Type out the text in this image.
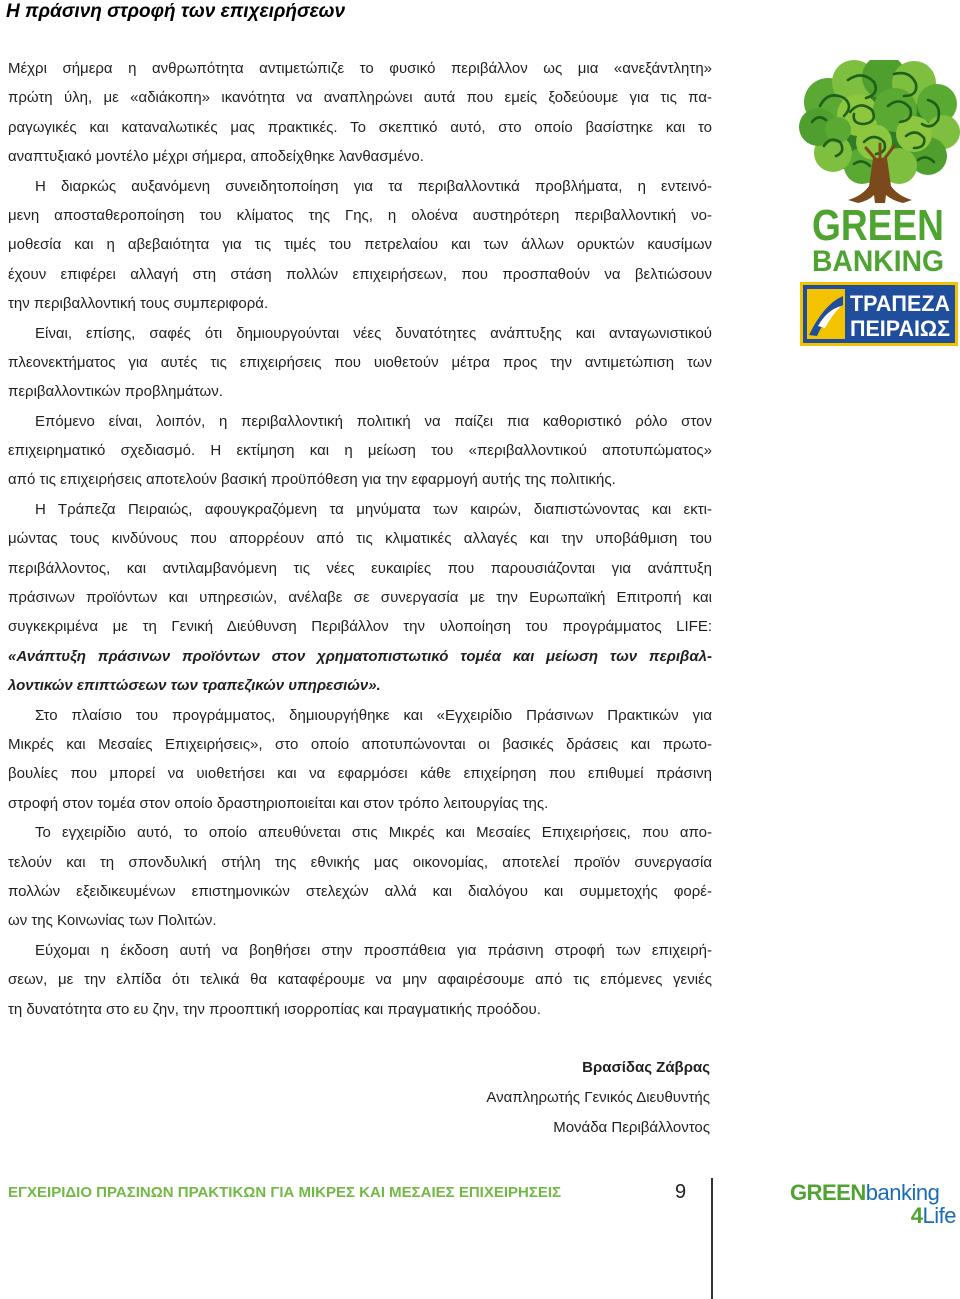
Η πράσινη στροφή των επιχειρήσεων
Μέχρι σήμερα η ανθρωπότητα αντιμετώπιζε το φυσικό περιβάλλον ως μια «ανεξάντλητη»
πρώτη ύλη, με «αδιάκοπη» ικανότητα να αναπληρώνει αυτά που εμείς ξοδεύουμε για τις πα-
ραγωγικές και καταναλωτικές μας πρακτικές. Το σκεπτικό αυτό, στο οποίο βασίστηκε και το
αναπτυξιακό μοντέλο μέχρι σήμερα, αποδείχθηκε λανθασμένο.
Η διαρκώς αυξανόμενη συνειδητοποίηση για τα περιβαλλοντικά προβλήματα, η εντεινό-
μενη αποσταθεροποίηση του κλίματος της Γης, η ολοένα αυστηρότερη περιβαλλοντική νο-
μοθεσία και η αβεβαιότητα για τις τιμές του πετρελαίου και των άλλων ορυκτών καυσίμων
έχουν επιφέρει αλλαγή στη στάση πολλών επιχειρήσεων, που προσπαθούν να βελτιώσουν
την περιβαλλοντική τους συμπεριφορά.
Είναι, επίσης, σαφές ότι δημιουργούνται νέες δυνατότητες ανάπτυξης και ανταγωνιστικού
πλεονεκτήματος για αυτές τις επιχειρήσεις που υιοθετούν μέτρα προς την αντιμετώπιση των
περιβαλλοντικών προβλημάτων.
Επόμενο είναι, λοιπόν, η περιβαλλοντική πολιτική να παίζει πια καθοριστικό ρόλο στον
επιχειρηματικό σχεδιασμό. Η εκτίμηση και η μείωση του «περιβαλλοντικού αποτυπώματος»
από τις επιχειρήσεις αποτελούν βασική προϋπόθεση για την εφαρμογή αυτής της πολιτικής.
Η Τράπεζα Πειραιώς, αφουγκραζόμενη τα μηνύματα των καιρών, διαπιστώνοντας και εκτι-
μώντας τους κινδύνους που απορρέουν από τις κλιματικές αλλαγές και την υποβάθμιση του
περιβάλλοντος, και αντιλαμβανόμενη τις νέες ευκαιρίες που παρουσιάζονται για ανάπτυξη
πράσινων προϊόντων και υπηρεσιών, ανέλαβε σε συνεργασία με την Ευρωπαϊκή Επιτροπή και
συγκεκριμένα με τη Γενική Διεύθυνση Περιβάλλον την υλοποίηση του προγράμματος LIFE:
«Ανάπτυξη πράσινων προϊόντων στον χρηματοπιστωτικό τομέα και μείωση των περιβαλ-
λοντικών επιπτώσεων των τραπεζικών υπηρεσιών».
Στο πλαίσιο του προγράμματος, δημιουργήθηκε και «Εγχειρίδιο Πράσινων Πρακτικών για
Μικρές και Μεσαίες Επιχειρήσεις», στο οποίο αποτυπώνονται οι βασικές δράσεις και πρωτο-
βουλίες που μπορεί να υιοθετήσει και να εφαρμόσει κάθε επιχείρηση που επιθυμεί πράσινη
στροφή στον τομέα στον οποίο δραστηριοποιείται και στον τρόπο λειτουργίας της.
Το εγχειρίδιο αυτό, το οποίο απευθύνεται στις Μικρές και Μεσαίες Επιχειρήσεις, που απο-
τελούν και τη σπονδυλική στήλη της εθνικής μας οικονομίας, αποτελεί προϊόν συνεργασία
πολλών εξειδικευμένων επιστημονικών στελεχών αλλά και διαλόγου και συμμετοχής φορέ-
ων της Κοινωνίας των Πολιτών.
Εύχομαι η έκδοση αυτή να βοηθήσει στην προσπάθεια για πράσινη στροφή των επιχειρή-
σεων, με την ελπίδα ότι τελικά θα καταφέρουμε να μην αφαιρέσουμε από τις επόμενες γενιές
τη δυνατότητα στο ευ ζην, την προοπτική ισορροπίας και πραγματικής προόδου.
Βρασίδας Ζάβρας
Αναπληρωτής Γενικός Διευθυντής
Μονάδα Περιβάλλοντος
GREEN
BANKING
ΤΡΑΠΕΖΑ
ΠΕΙΡΑΙΩΣ
ΕΓΧΕΙΡΙΔΙΟ ΠΡΑΣΙΝΩΝ ΠΡΑΚΤΙΚΩΝ ΓΙΑ ΜΙΚΡΕΣ ΚΑΙ ΜΕΣΑΙΕΣ ΕΠΙΧΕΙΡΗΣΕΙΣ	9	GREENbanking
4Life
